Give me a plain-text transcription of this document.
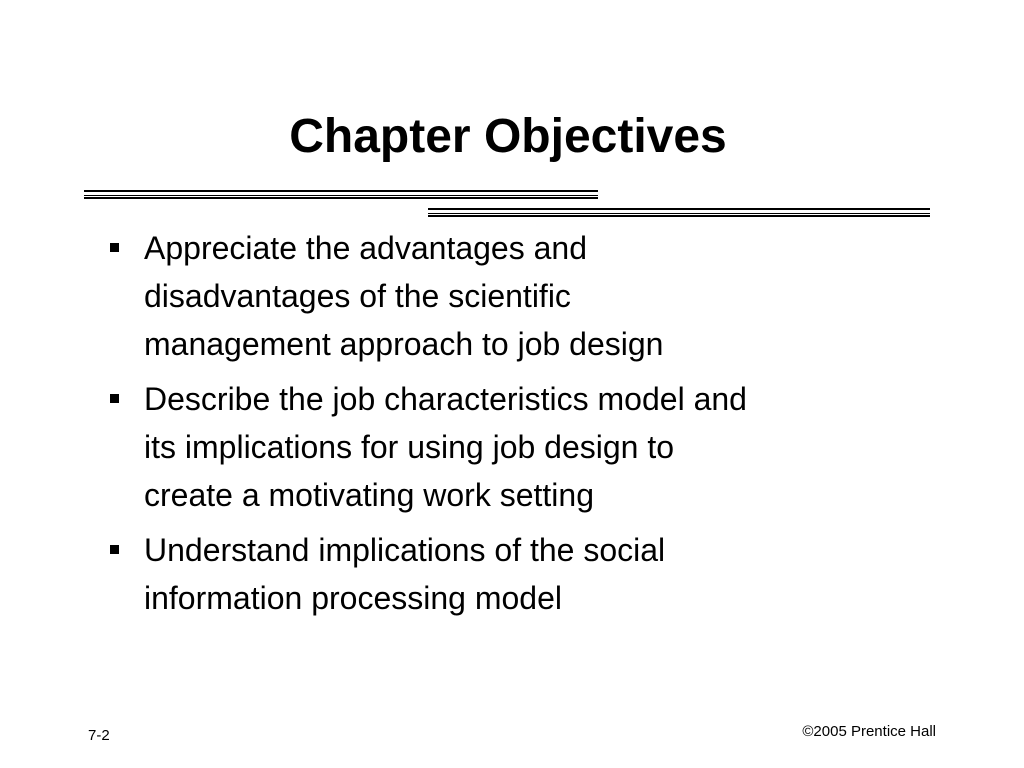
Chapter Objectives
Appreciate the advantages and
disadvantages of the scientific
management approach to job design
Describe the job characteristics model and
its implications for using job design to
create a motivating work setting
Understand implications of the social
information processing model
7-2	©2005 Prentice Hall
